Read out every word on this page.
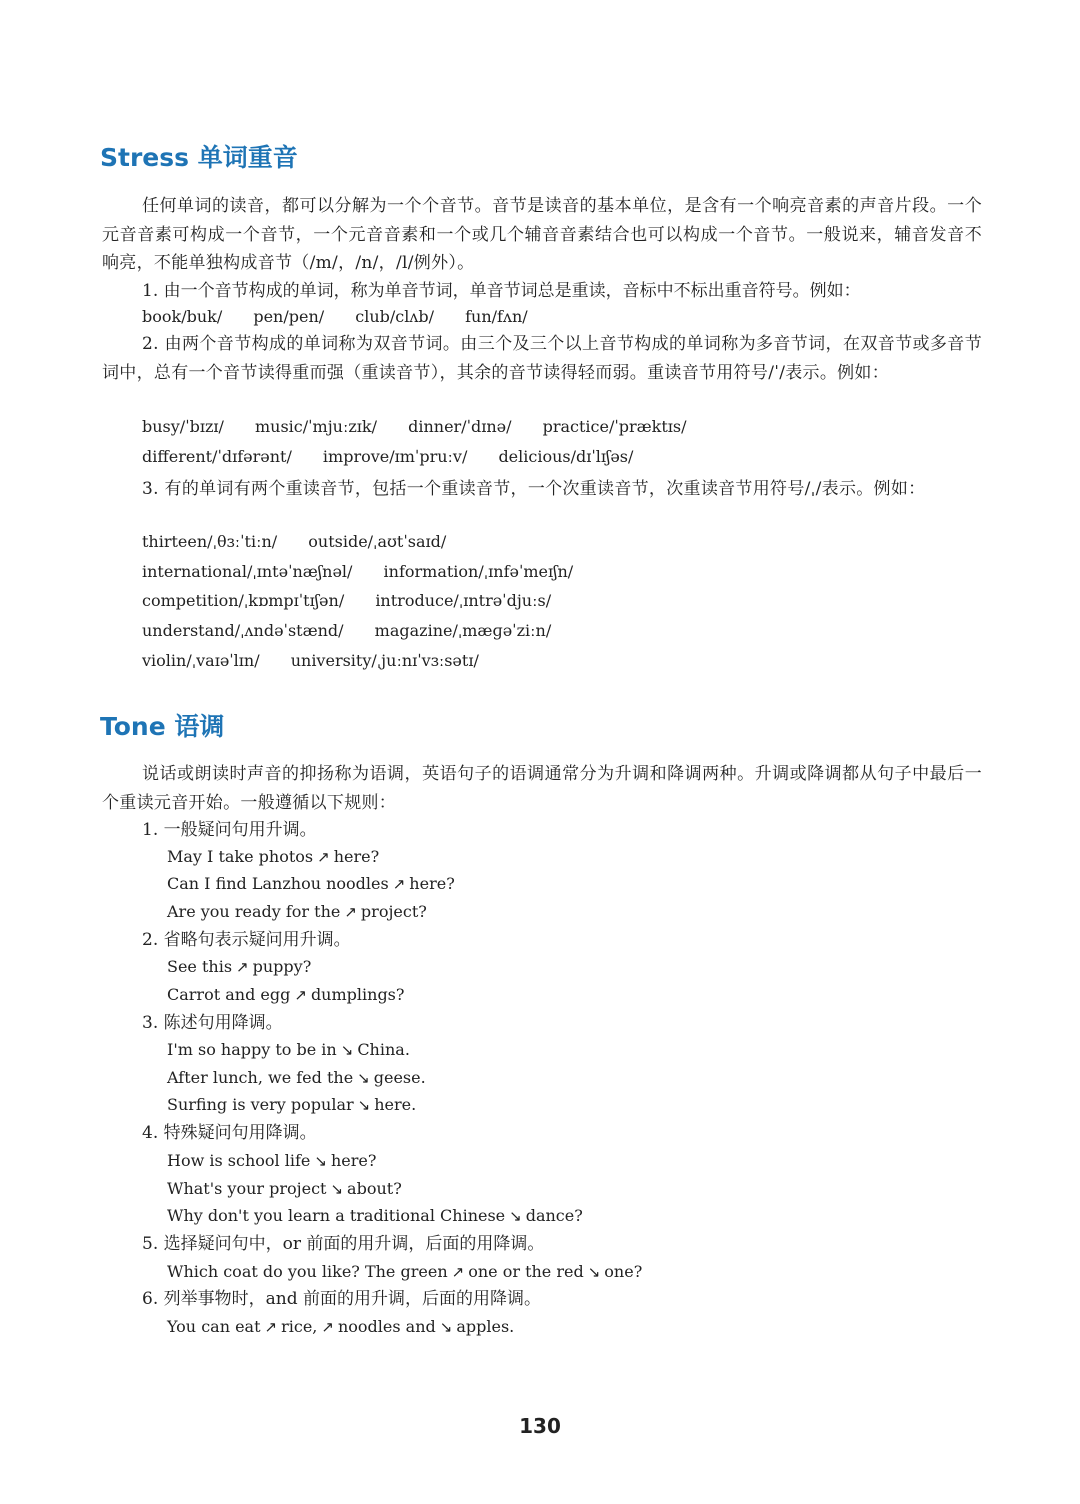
Stress 单词重音

任何单词的读音，都可以分解为一个个音节。音节是读音的基本单位，是含有一个响亮音素的声音片段。一个元音音素可构成一个音节，一个元音音素和一个或几个辅音音素结合也可以构成一个音节。一般说来，辅音发音不响亮，不能单独构成音节（/m/，/n/，/l/例外）。

1. 由一个音节构成的单词，称为单音节词，单音节词总是重读，音标中不标出重音符号。例如：

book/buk/ pen/pen/ club/clʌb/ fun/fʌn/

2. 由两个音节构成的单词称为双音节词。由三个及三个以上音节构成的单词称为多音节词，在双音节或多音节词中，总有一个音节读得重而强（重读音节），其余的音节读得轻而弱。重读音节用符号/ˈ/表示。例如：

busy/ˈbɪzɪ/ music/ˈmjuːzɪk/ dinner/ˈdɪnə/ practice/ˈpræktɪs/

different/ˈdɪfərənt/ improve/ɪmˈpruːv/ delicious/dɪˈlɪʃəs/

3. 有的单词有两个重读音节，包括一个重读音节，一个次重读音节，次重读音节用符号/ˌ/表示。例如：

thirteen/ˌθɜːˈtiːn/ outside/ˌaʊtˈsaɪd/

international/ˌɪntəˈnæʃnəl/ information/ˌɪnfəˈmeɪʃn/

competition/ˌkɒmpɪˈtɪʃən/ introduce/ˌɪntrəˈdjuːs/

understand/ˌʌndəˈstænd/ magazine/ˌmæɡəˈziːn/

violin/ˌvaɪəˈlɪn/ university/ˌjuːnɪˈvɜːsətɪ/

Tone 语调

说话或朗读时声音的抑扬称为语调，英语句子的语调通常分为升调和降调两种。升调或降调都从句子中最后一个重读元音开始。一般遵循以下规则：

1. 一般疑问句用升调。

May I take photos ↗ here?

Can I find Lanzhou noodles ↗ here?

Are you ready for the ↗ project?

2. 省略句表示疑问用升调。

See this ↗ puppy?

Carrot and egg ↗ dumplings?

3. 陈述句用降调。

I'm so happy to be in ↘ China.

After lunch, we fed the ↘ geese.

Surfing is very popular ↘ here.

4. 特殊疑问句用降调。

How is school life ↘ here?

What's your project ↘ about?

Why don't you learn a traditional Chinese ↘ dance?

5. 选择疑问句中，or 前面的用升调，后面的用降调。

Which coat do you like? The green ↗ one or the red ↘ one?

6. 列举事物时，and 前面的用升调，后面的用降调。

You can eat ↗ rice, ↗ noodles and ↘ apples.

130
